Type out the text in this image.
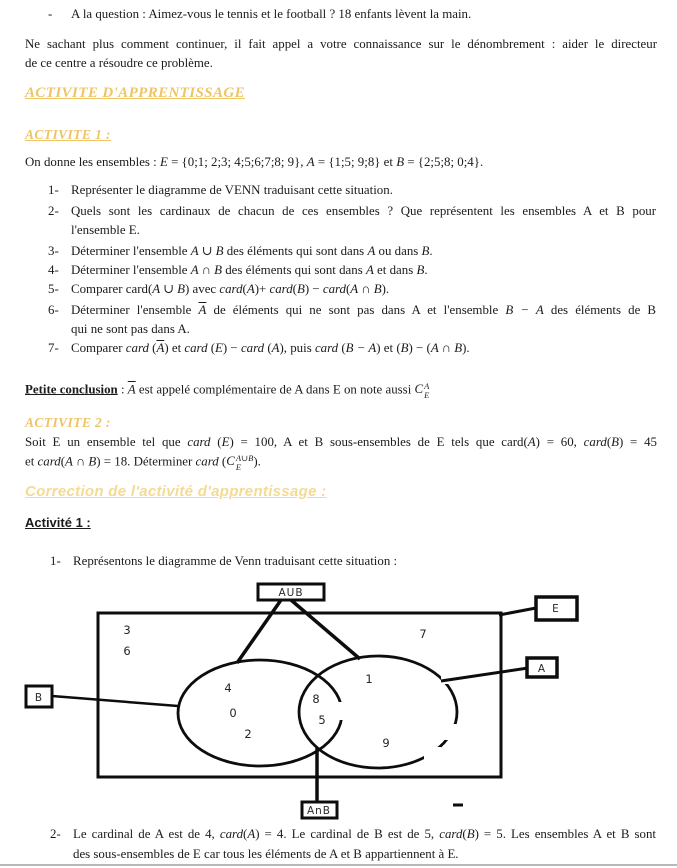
-	A la question : Aimez-vous le tennis et le football ? 18 enfants lèvent la main.
Ne sachant plus comment continuer, il fait appel a votre connaissance sur le dénombrement : aider le directeur
de ce centre a résoudre ce problème.
ACTIVITE D'APPRENTISSAGE
ACTIVITE 1 :
On donne les ensembles : E = {0;1; 2;3; 4;5;6;7;8; 9}, A = {1;5; 9;8} et B = {2;5;8; 0;4}.
1- Représenter le diagramme de VENN traduisant cette situation.
2- Quels sont les cardinaux de chacun de ces ensembles ? Que représentent les ensembles A et B pour
l'ensemble E.
3- Déterminer l'ensemble A ∪ B des éléments qui sont dans A ou dans B.
4- Déterminer l'ensemble A ∩ B des éléments qui sont dans A et dans B.
5- Comparer card(A ∪ B) avec card(A)+ card(B) − card(A ∩ B).
6- Déterminer l'ensemble $\overline{A}$ de éléments qui ne sont pas dans A et l'ensemble B − A des éléments de B
qui ne sont pas dans A.
7- Comparer card $(\overline{A})$ et card (E) − card (A), puis card (B − A) et (B) − (A ∩ B).
Petite conclusion : $\overline{A}$ est appelé complémentaire de A dans E on note aussi C A
E
ACTIVITE 2 :
Soit E un ensemble tel que card (E) = 100, A et B sous-ensembles de E tels que card(A) = 60, card(B) = 45
et card(A ∩ B) = 18. Déterminer card ( C A∪B
E ).
Correction de l'activité d'apprentissage :
Activité 1 :
1- Représentons le diagramme de Venn traduisant cette situation :
AUB
E
A
B
AnB
3
6
7
4
0
2
8
5
1
9
2- Le cardinal de A est de 4, card(A) = 4. Le cardinal de B est de 5, card(B) = 5. Les ensembles A et B sont
des sous-ensembles de E car tous les éléments de A et B appartiennent à E.
